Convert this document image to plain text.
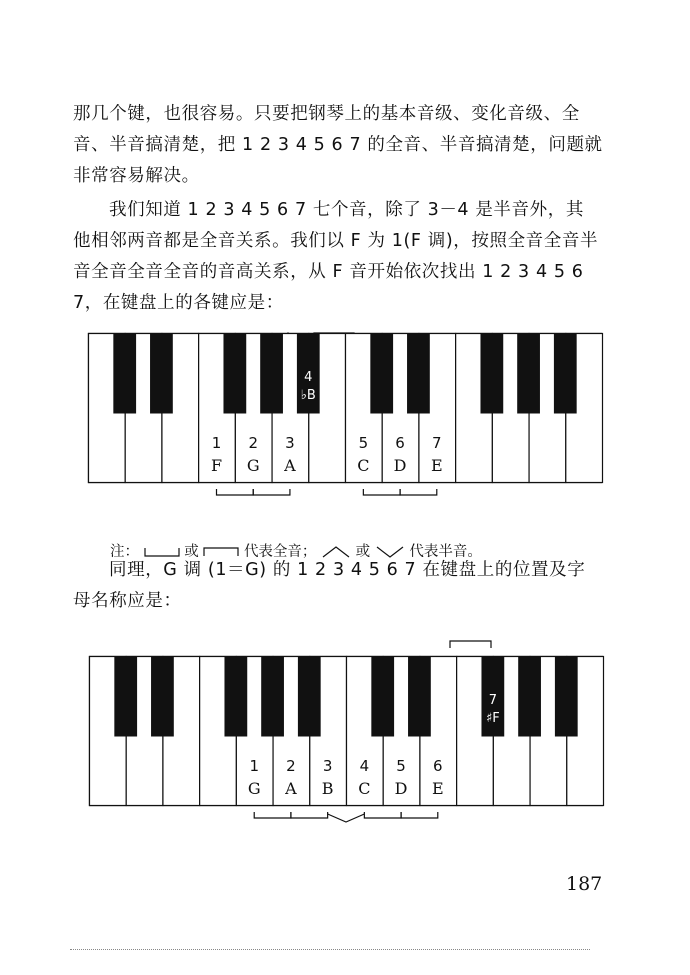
那几个键，也很容易。只要把钢琴上的基本音级、变化音级、全
音、半音搞清楚，把 1 2 3 4 5 6 7 的全音、半音搞清楚，问题就
非常容易解决。

我们知道 1 2 3 4 5 6 7 七个音，除了 3－4 是半音外，其
他相邻两音都是全音关系。我们以 F 为 1(F 调)，按照全音全音半
音全音全音全音的音高关系，从 F 音开始依次找出 1 2 3 4 5 6
7，在键盘上的各键应是：

1
F
2
G
3
A
5
C
6
D
7
E
4
♭B
注：	或	代表全音；	或	代表半音。

同理，G 调 (1＝G) 的 1 2 3 4 5 6 7 在键盘上的位置及字
母名称应是：

1
G
2
A
3
B
4
C
5
D
6
E
7
♯F
187
